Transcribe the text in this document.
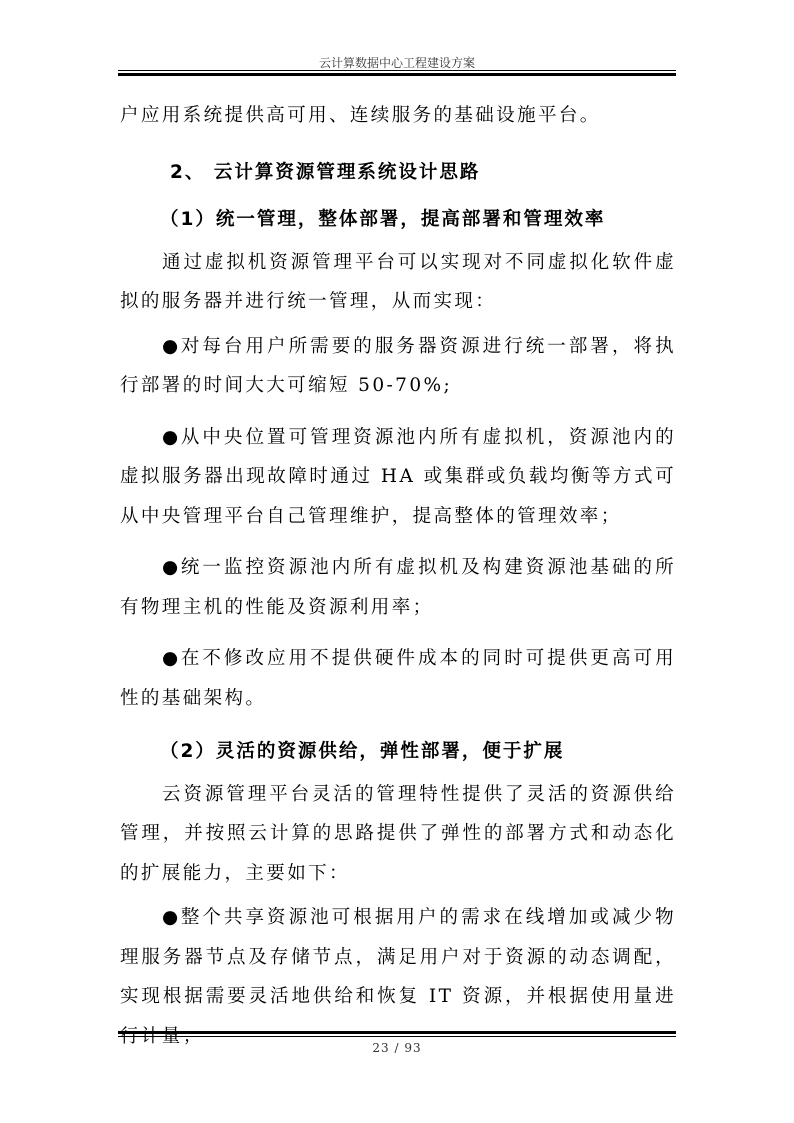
云计算数据中心工程建设方案

户应用系统提供高可用、连续服务的基础设施平台。

2、 云计算资源管理系统设计思路

（1）统一管理，整体部署，提高部署和管理效率

通过虚拟机资源管理平台可以实现对不同虚拟化软件虚拟的服务器并进行统一管理，从而实现：

● 对每台用户所需要的服务器资源进行统一部署，将执行部署的时间大大可缩短 50-70%;

● 从中央位置可管理资源池内所有虚拟机，资源池内的虚拟服务器出现故障时通过 HA 或集群或负载均衡等方式可从中央管理平台自己管理维护，提高整体的管理效率；

● 统一监控资源池内所有虚拟机及构建资源池基础的所有物理主机的性能及资源利用率；

● 在不修改应用不提供硬件成本的同时可提供更高可用性的基础架构。

（2）灵活的资源供给，弹性部署，便于扩展

云资源管理平台灵活的管理特性提供了灵活的资源供给管理，并按照云计算的思路提供了弹性的部署方式和动态化的扩展能力，主要如下：

● 整个共享资源池可根据用户的需求在线增加或减少物理服务器节点及存储节点，满足用户对于资源的动态调配，实现根据需要灵活地供给和恢复 IT 资源，并根据使用量进行计量；

23 / 93
